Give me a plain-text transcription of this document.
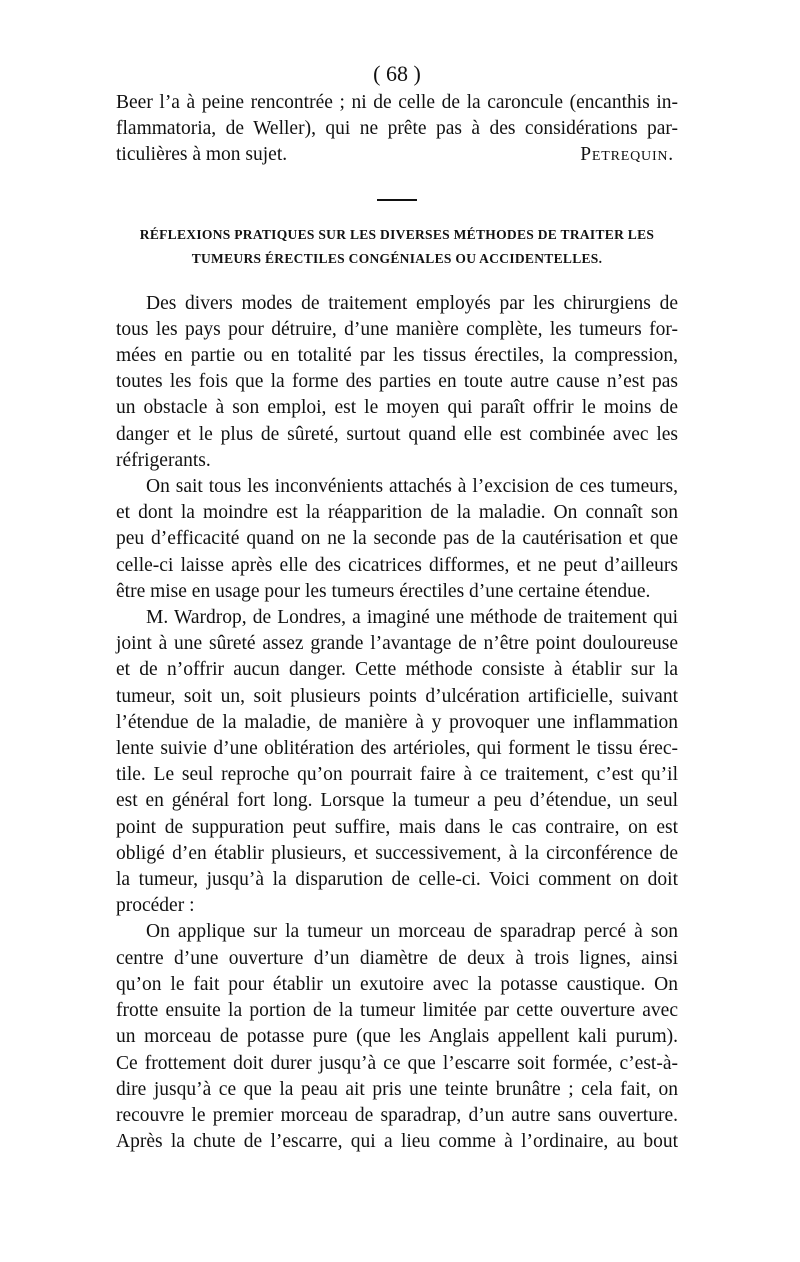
( 68 )
Beer l’a à peine rencontrée ; ni de celle de la caroncule (encanthis in-
flammatoria, de Weller), qui ne prête pas à des considérations par-
ticulières à mon sujet.	Petrequin.
RÉFLEXIONS PRATIQUES SUR LES DIVERSES MÉTHODES DE TRAITER LES
TUMEURS ÉRECTILES CONGÉNIALES OU ACCIDENTELLES.
Des divers modes de traitement employés par les chirurgiens de
tous les pays pour détruire, d’une manière complète, les tumeurs for-
mées en partie ou en totalité par les tissus érectiles, la compression,
toutes les fois que la forme des parties en toute autre cause n’est pas
un obstacle à son emploi, est le moyen qui paraît offrir le moins de
danger et le plus de sûreté, surtout quand elle est combinée avec les
réfrigerants.
On sait tous les inconvénients attachés à l’excision de ces tumeurs,
et dont la moindre est la réapparition de la maladie. On connaît son
peu d’efficacité quand on ne la seconde pas de la cautérisation et que
celle-ci laisse après elle des cicatrices difformes, et ne peut d’ailleurs
être mise en usage pour les tumeurs érectiles d’une certaine étendue.
M. Wardrop, de Londres, a imaginé une méthode de traitement qui
joint à une sûreté assez grande l’avantage de n’être point douloureuse
et de n’offrir aucun danger. Cette méthode consiste à établir sur la
tumeur, soit un, soit plusieurs points d’ulcération artificielle, suivant
l’étendue de la maladie, de manière à y provoquer une inflammation
lente suivie d’une oblitération des artérioles, qui forment le tissu érec-
tile. Le seul reproche qu’on pourrait faire à ce traitement, c’est qu’il
est en général fort long. Lorsque la tumeur a peu d’étendue, un seul
point de suppuration peut suffire, mais dans le cas contraire, on est
obligé d’en établir plusieurs, et successivement, à la circonférence de
la tumeur, jusqu’à la disparution de celle-ci. Voici comment on doit
procéder :
On applique sur la tumeur un morceau de sparadrap percé à son
centre d’une ouverture d’un diamètre de deux à trois lignes, ainsi
qu’on le fait pour établir un exutoire avec la potasse caustique. On
frotte ensuite la portion de la tumeur limitée par cette ouverture avec
un morceau de potasse pure (que les Anglais appellent kali purum).
Ce frottement doit durer jusqu’à ce que l’escarre soit formée, c’est-à-
dire jusqu’à ce que la peau ait pris une teinte brunâtre ; cela fait, on
recouvre le premier morceau de sparadrap, d’un autre sans ouverture.
Après la chute de l’escarre, qui a lieu comme à l’ordinaire, au bout
